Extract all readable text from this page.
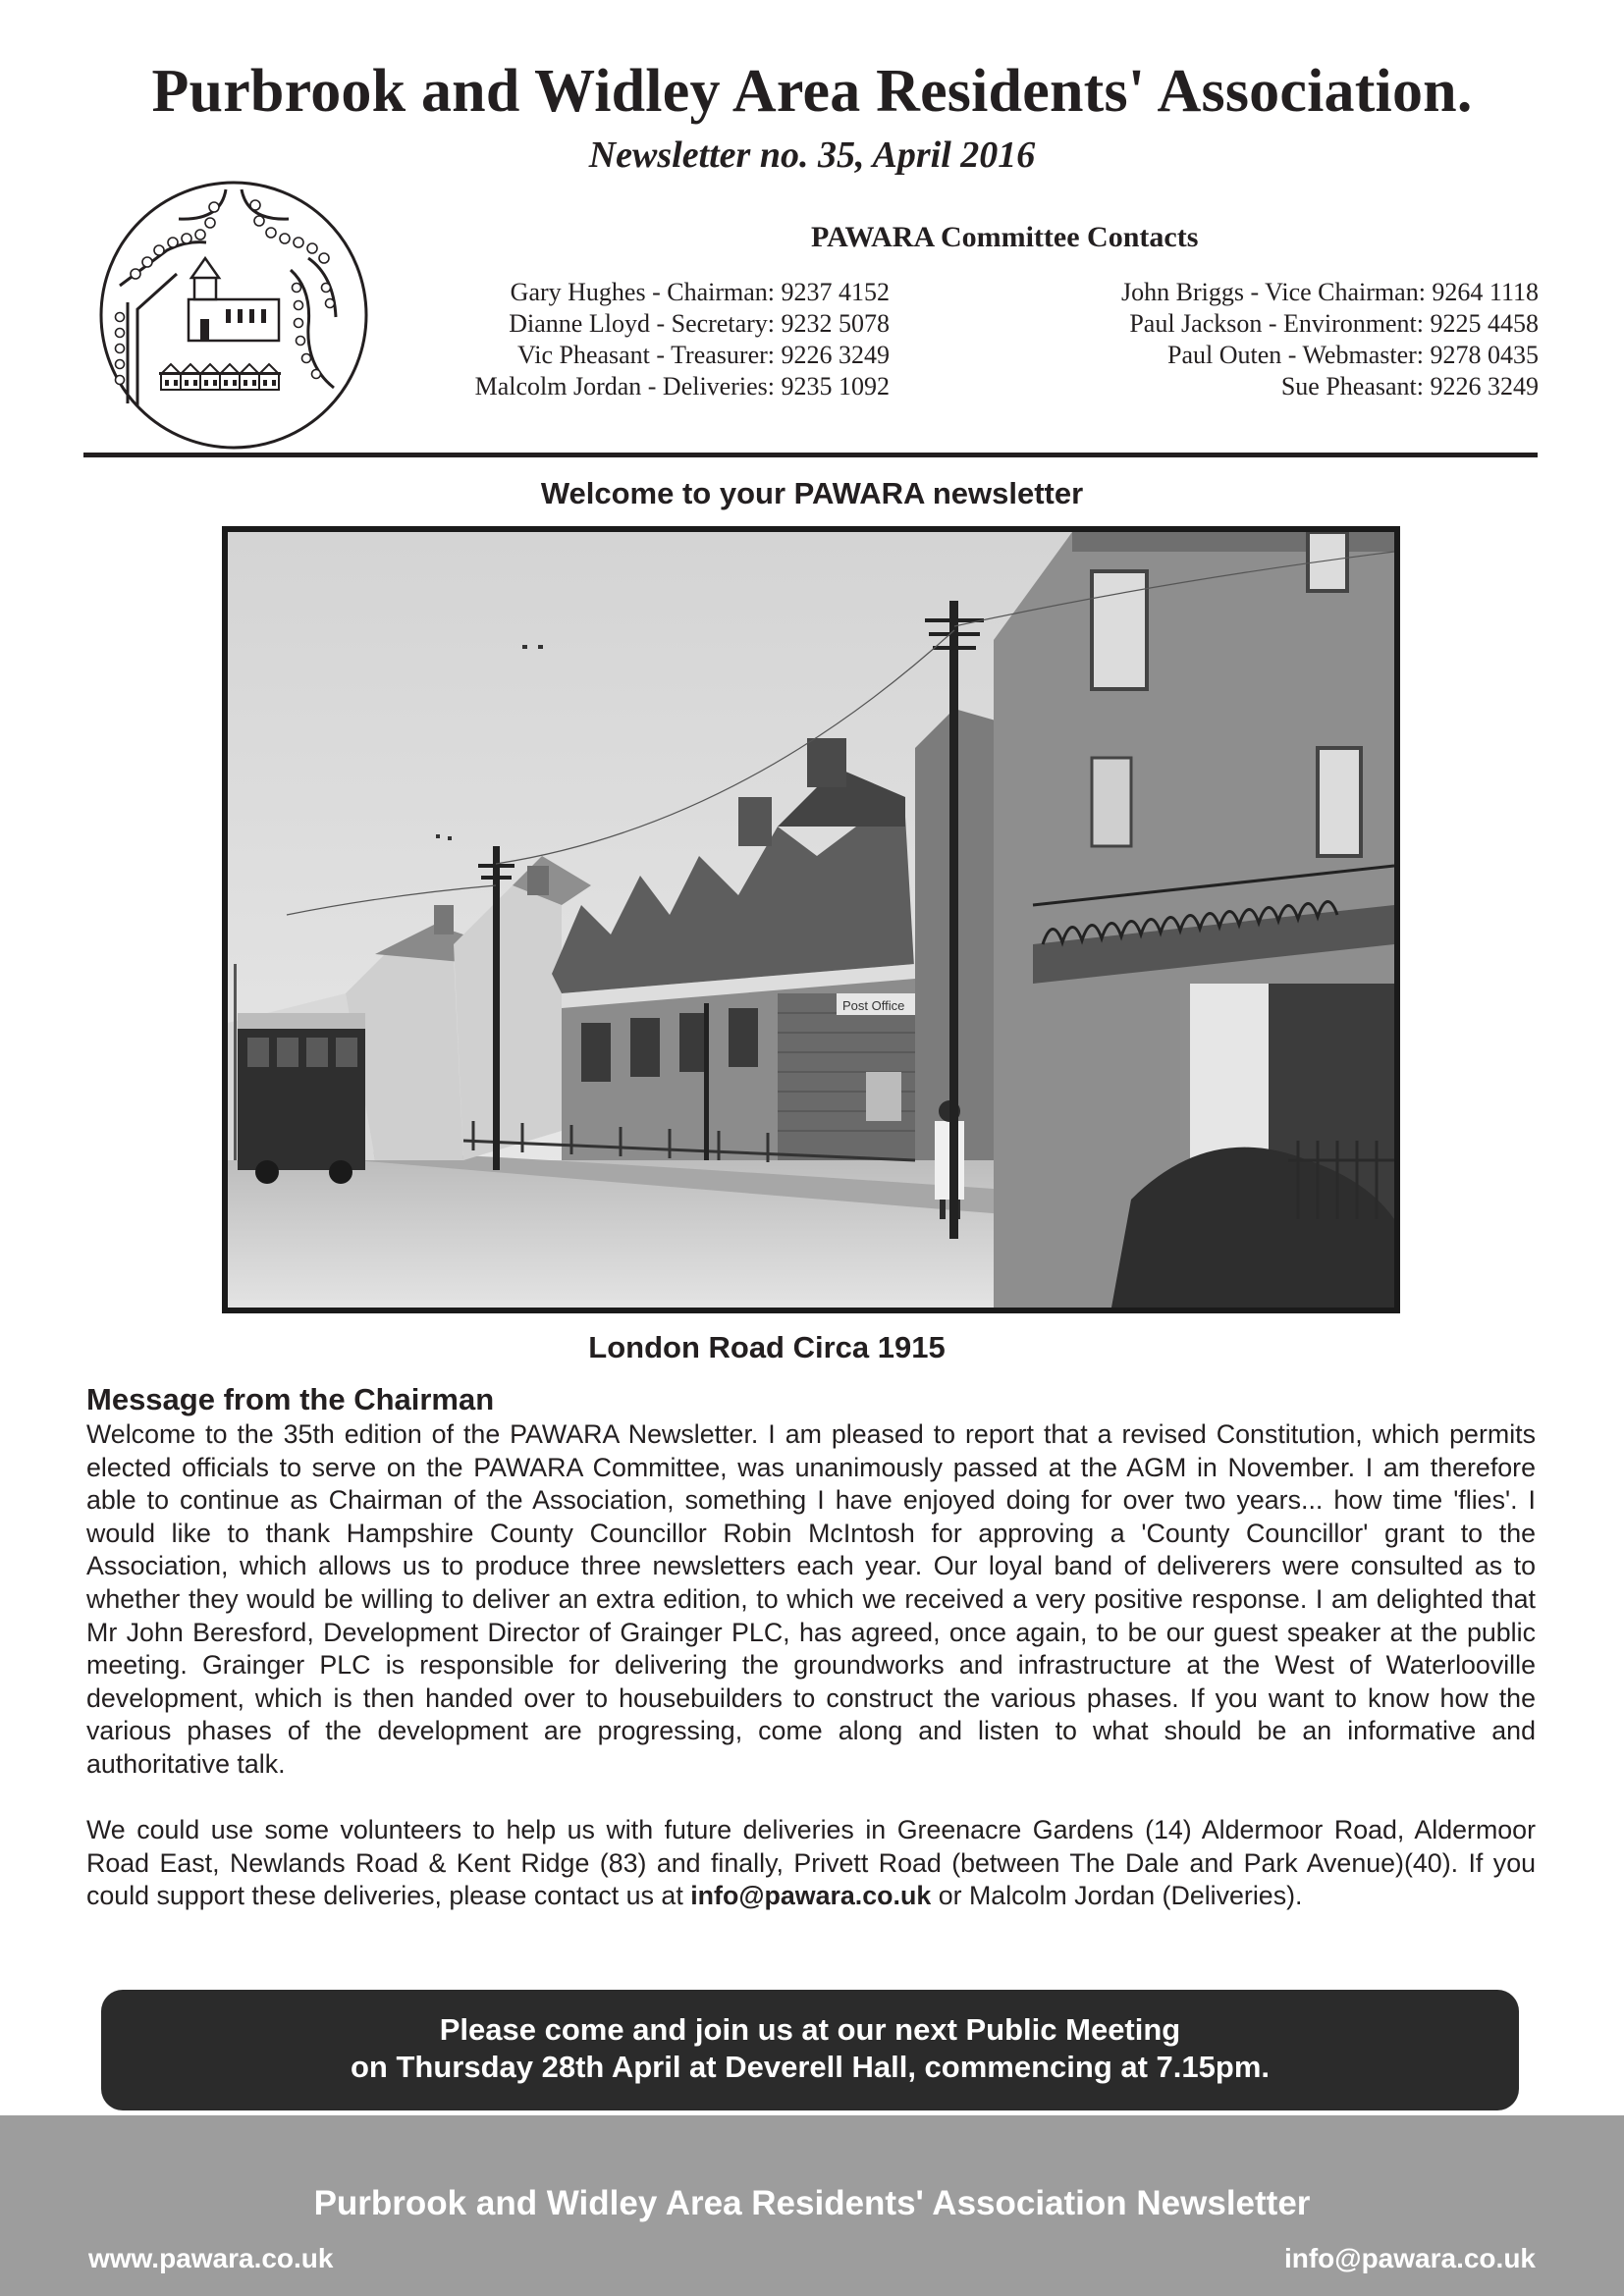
Purbrook and Widley Area Residents' Association.
Newsletter no. 35, April 2016
PAWARA Committee Contacts
Gary Hughes - Chairman: 9237 4152
Dianne Lloyd - Secretary: 9232 5078
Vic Pheasant - Treasurer: 9226 3249
Malcolm Jordan - Deliveries: 9235 1092
John Briggs - Vice Chairman: 9264 1118
Paul Jackson - Environment: 9225 4458
Paul Outen - Webmaster: 9278 0435
Sue Pheasant: 9226 3249
Welcome to your PAWARA newsletter
Post Office
London Road Circa 1915
Message from the Chairman
Welcome to the 35th edition of the PAWARA Newsletter. I am pleased to report that a revised Constitution, which permits elected officials to serve on the PAWARA Committee, was unanimously passed at the AGM in November. I am therefore able to continue as Chairman of the Association, something I have enjoyed doing for over two years... how time 'flies'. I would like to thank Hampshire County Councillor Robin McIntosh for approving a 'County Councillor' grant to the Association, which allows us to produce three newsletters each year. Our loyal band of deliverers were consulted as to whether they would be willing to deliver an extra edition, to which we received a very positive response. I am delighted that Mr John Beresford, Development Director of Grainger PLC, has agreed, once again, to be our guest speaker at the public meeting. Grainger PLC is responsible for delivering the groundworks and infrastructure at the West of Waterlooville development, which is then handed over to housebuilders to construct the various phases. If you want to know how the various phases of the development are progressing, come along and listen to what should be an informative and authoritative talk.
We could use some volunteers to help us with future deliveries in Greenacre Gardens (14) Aldermoor Road, Aldermoor Road East, Newlands Road & Kent Ridge (83) and finally, Privett Road (between The Dale and Park Avenue)(40). If you could support these deliveries, please contact us at info@pawara.co.uk or Malcolm Jordan (Deliveries).
Please come and join us at our next Public Meeting
on Thursday 28th April at Deverell Hall, commencing at 7.15pm.
Purbrook and Widley Area Residents' Association Newsletter
www.pawara.co.uk	info@pawara.co.uk
